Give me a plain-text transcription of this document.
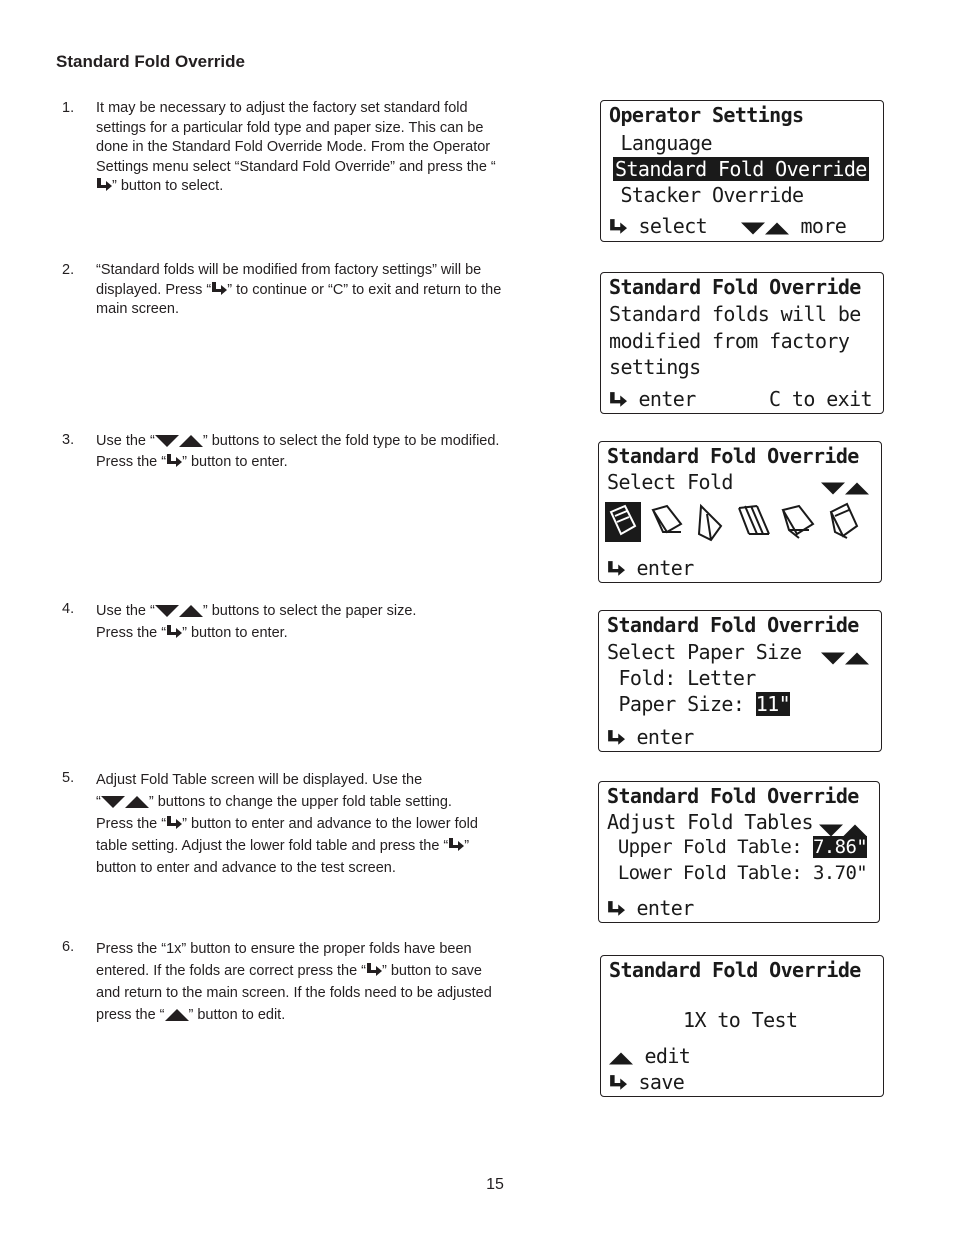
Standard Fold Override
1. It may be necessary to adjust the factory set standard fold settings for a particular fold type and paper size. This can be done in the Standard Fold Override Mode. From the Operator Settings menu select “Standard Fold Override” and press the “” button to select.
2. “Standard folds will be modified from factory settings” will be displayed. Press “ ” to continue or “C” to exit and return to the main screen.
3. Use the “	” buttons to select the fold type to be modified. Press the “ ” button to enter.
4. Use the “	” buttons to select the paper size.
Press the “ ” button to enter.
5. Adjust Fold Table screen will be displayed. Use the
“	” buttons to change the upper fold table setting.
Press the “ ” button to enter and advance to the lower fold table setting. Adjust the lower fold table and press the “ ” button to enter and advance to the test screen.
6. Press the “1x” button to ensure the proper folds have been entered. If the folds are correct press the “ ” button to save and return to the main screen. If the folds need to be adjusted press the “ ” button to edit.
Operator Settings
Language
Standard Fold Override
Stacker Override
select	more
Standard Fold Override
Standard folds will be
modified from factory
settings
enter	C to exit
Standard Fold Override
Select Fold
enter
Standard Fold Override
Select Paper Size
Fold: Letter
Paper Size: 11"
enter
Standard Fold Override
Adjust Fold Tables
Upper Fold Table: 7.86"
Lower Fold Table: 3.70"
enter
Standard Fold Override
1X to Test
edit
save
15
